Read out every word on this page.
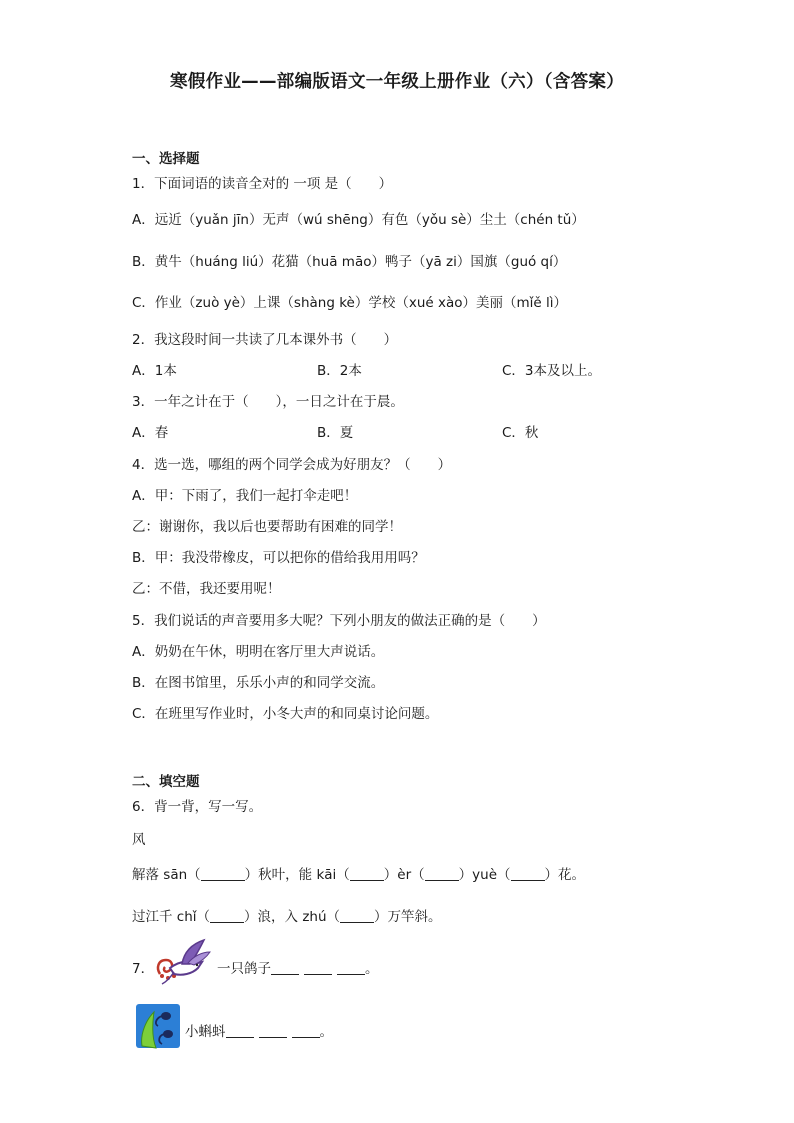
寒假作业——部编版语文一年级上册作业（六）（含答案）
一、选择题
1．下面词语的读音全对的 一项 是（　　）
A．远近（yuǎn jīn）无声（wú shēng）有色（yǒu sè）尘土（chén tǔ）
B．黄牛（huáng liú）花猫（huā māo）鸭子（yā zi）国旗（guó qí）
C．作业（zuò yè）上课（shàng kè）学校（xué xào）美丽（mǐě lì）
2．我这段时间一共读了几本课外书（　　）
A．1本	B．2本	C．3本及以上。
3．一年之计在于（　　），一日之计在于晨。
A．春	B．夏	C．秋
4．选一选，哪组的两个同学会成为好朋友？（　　）
A．甲：下雨了，我们一起打伞走吧！
乙：谢谢你，我以后也要帮助有困难的同学！
B．甲：我没带橡皮，可以把你的借给我用用吗？
乙：不借，我还要用呢！
5．我们说话的声音要用多大呢？下列小朋友的做法正确的是（　　）
A．奶奶在午休，明明在客厅里大声说话。
B．在图书馆里，乐乐小声的和同学交流。
C．在班里写作业时，小冬大声的和同桌讨论问题。
二、填空题
6．背一背，写一写。
风
解落 sān（	）秋叶，能 kāi（	）èr（	）yuè（	）花。
过江千 chǐ（	）浪，入 zhú（	）万竿斜。
7．	一只鸽子	。
小蝌蚪	。
